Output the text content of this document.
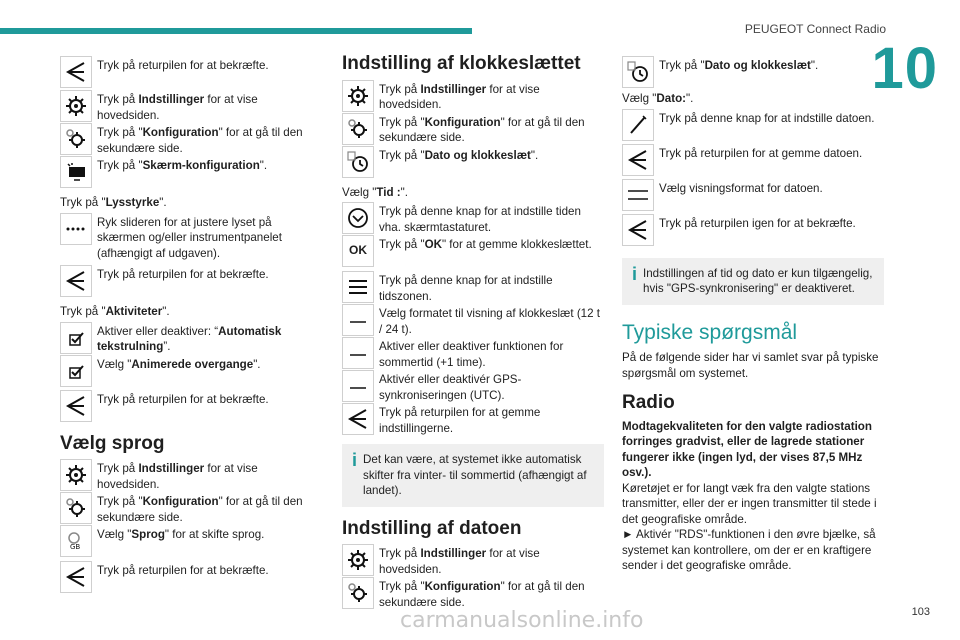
PEUGEOT Connect Radio
10
Tryk på returpilen for at bekræfte.
Tryk på Indstillinger for at vise hovedsiden.
Tryk på "Konfiguration" for at gå til den sekundære side.
Tryk på "Skærm-konfiguration".
Tryk på "Lysstyrke".
Ryk slideren for at justere lyset på skærmen og/eller instrumentpanelet (afhængigt af udgaven).
Tryk på returpilen for at bekræfte.
Tryk på "Aktiviteter".
Aktiver eller deaktiver: “Automatisk tekstrulning”.
Vælg "Animerede overgange".
Tryk på returpilen for at bekræfte.
Vælg sprog
Tryk på Indstillinger for at vise hovedsiden.
Tryk på "Konfiguration" for at gå til den sekundære side.
GB
Vælg "Sprog" for at skifte sprog.
Tryk på returpilen for at bekræfte.
Indstilling af klokkeslættet
Tryk på Indstillinger for at vise hovedsiden.
Tryk på "Konfiguration" for at gå til den sekundære side.
Tryk på "Dato og klokkeslæt".
Vælg "Tid :".
Tryk på denne knap for at indstille tiden vha. skærmtastaturet.
OK Tryk på "OK" for at gemme klokkeslættet.
Tryk på denne knap for at indstille tidszonen.
Vælg formatet til visning af klokkeslæt (12 t / 24 t).
Aktiver eller deaktiver funktionen for sommertid (+1 time).
Aktivér eller deaktivér GPS-synkroniseringen (UTC).
Tryk på returpilen for at gemme indstillingerne.
i Det kan være, at systemet ikke automatisk skifter fra vinter- til sommertid (afhængigt af landet).
Indstilling af datoen
Tryk på Indstillinger for at vise hovedsiden.
Tryk på "Konfiguration" for at gå til den sekundære side.
Tryk på "Dato og klokkeslæt".
Vælg "Dato:".
Tryk på denne knap for at indstille datoen.
Tryk på returpilen for at gemme datoen.
Vælg visningsformat for datoen.
Tryk på returpilen igen for at bekræfte.
i Indstillingen af tid og dato er kun tilgængelig, hvis "GPS-synkronisering" er deaktiveret.
Typiske spørgsmål
På de følgende sider har vi samlet svar på typiske spørgsmål om systemet.
Radio
Modtagekvaliteten for den valgte radiostation forringes gradvist, eller de lagrede stationer fungerer ikke (ingen lyd, der vises 87,5 MHz osv.).
Køretøjet er for langt væk fra den valgte stations transmitter, eller der er ingen transmitter til stede i det geografiske område.
► Aktivér "RDS"-funktionen i den øvre bjælke, så systemet kan kontrollere, om der er en kraftigere sender i det geografiske område.
carmanualsonline.info	103
